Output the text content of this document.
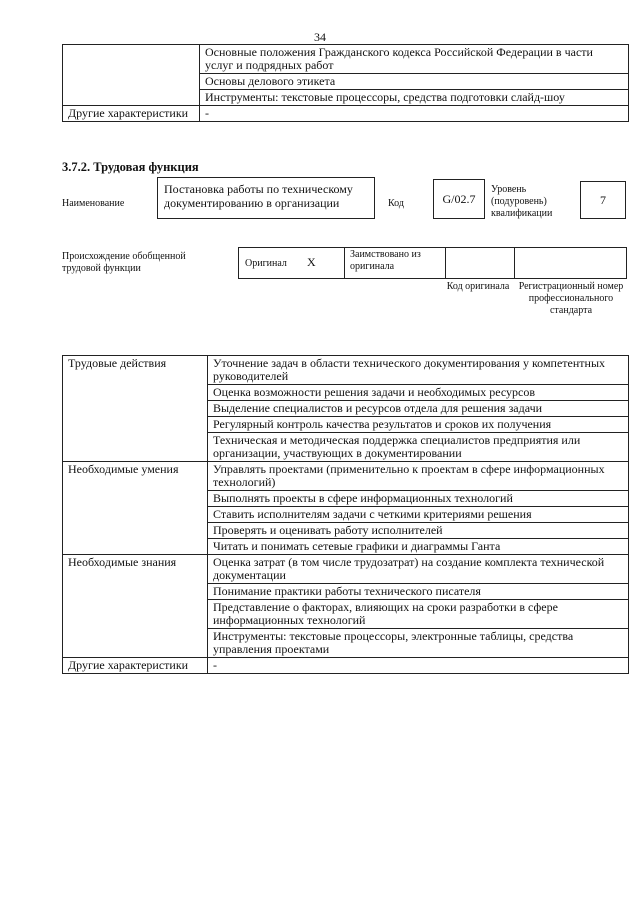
34
	Основные положения Гражданского кодекса Российской Федерации в части услуг и подрядных работ
	Основы делового этикета
	Инструменты: текстовые процессоры, средства подготовки слайд-шоу
Другие характеристики	-
3.7.2. Трудовая функция
Наименование
Постановка работы по техническому документированию в организации	Код	G/02.7
Уровень (подуровень) квалификации
7
Происхождение обобщенной трудовой функции	Оригинал X
Заимствовано из оригинала
Код оригинала Регистрационный номер профессионального стандарта
Трудовые действия	Уточнение задач в области технического документирования у компетентных руководителей
	Оценка возможности решения задачи и необходимых ресурсов
	Выделение специалистов и ресурсов отдела для решения задачи
	Регулярный контроль качества результатов и сроков их получения
	Техническая и методическая поддержка специалистов предприятия или организации, участвующих в документировании
Необходимые умения	Управлять проектами (применительно к проектам в сфере информационных технологий)
	Выполнять проекты в сфере информационных технологий
	Ставить исполнителям задачи с четкими критериями решения
	Проверять и оценивать работу исполнителей
	Читать и понимать сетевые графики и диаграммы Ганта
Необходимые знания	Оценка затрат (в том числе трудозатрат) на создание комплекта технической документации
	Понимание практики работы технического писателя
	Представление о факторах, влияющих на сроки разработки в сфере информационных технологий
	Инструменты: текстовые процессоры, электронные таблицы, средства управления проектами
Другие характеристики	-
